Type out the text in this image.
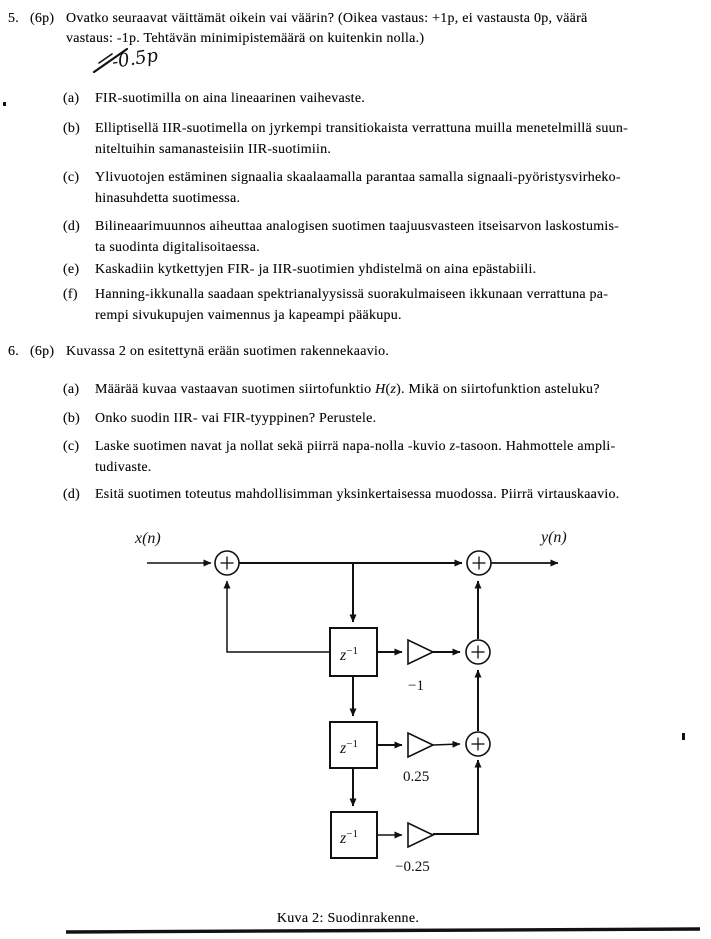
5. (6p) Ovatko seuraavat väittämät oikein vai väärin? (Oikea vastaus: +1p, ei vastausta 0p, väärä
vastaus: -1p. Tehtävän minimipistemäärä on kuitenkin nolla.)
(a) FIR-suotimilla on aina lineaarinen vaihevaste.
(b) Elliptisellä IIR-suotimella on jyrkempi transitiokaista verrattuna muilla menetelmillä suun-
niteltuihin samanasteisiin IIR-suotimiin.
(c) Ylivuotojen estäminen signaalia skaalaamalla parantaa samalla signaali-pyöristysvirheko-
hinasuhdetta suotimessa.
(d) Bilineaarimuunnos aiheuttaa analogisen suotimen taajuusvasteen itseisarvon laskostumis-
ta suodinta digitalisoitaessa.
(e) Kaskadiin kytkettyjen FIR- ja IIR-suotimien yhdistelmä on aina epästabiili.
(f) Hanning-ikkunalla saadaan spektrianalyysissä suorakulmaiseen ikkunaan verrattuna pa-
rempi sivukupujen vaimennus ja kapeampi pääkupu.
6. (6p) Kuvassa 2 on esitettynä erään suotimen rakennekaavio.
(a) Määrää kuvaa vastaavan suotimen siirtofunktio H(z). Mikä on siirtofunktion asteluku?
(b) Onko suodin IIR- vai FIR-tyyppinen? Perustele.
(c) Laske suotimen navat ja nollat sekä piirrä napa-nolla -kuvio z-tasoon. Hahmottele ampli-
tudivaste.
(d) Esitä suotimen toteutus mahdollisimman yksinkertaisessa muodossa. Piirrä virtauskaavio.
x(n)	y(n)
$z^{-1}$
$z^{-1}$
$z^{-1}$
−1
0.25
−0.25
-0.5p
Kuva 2: Suodinrakenne.
